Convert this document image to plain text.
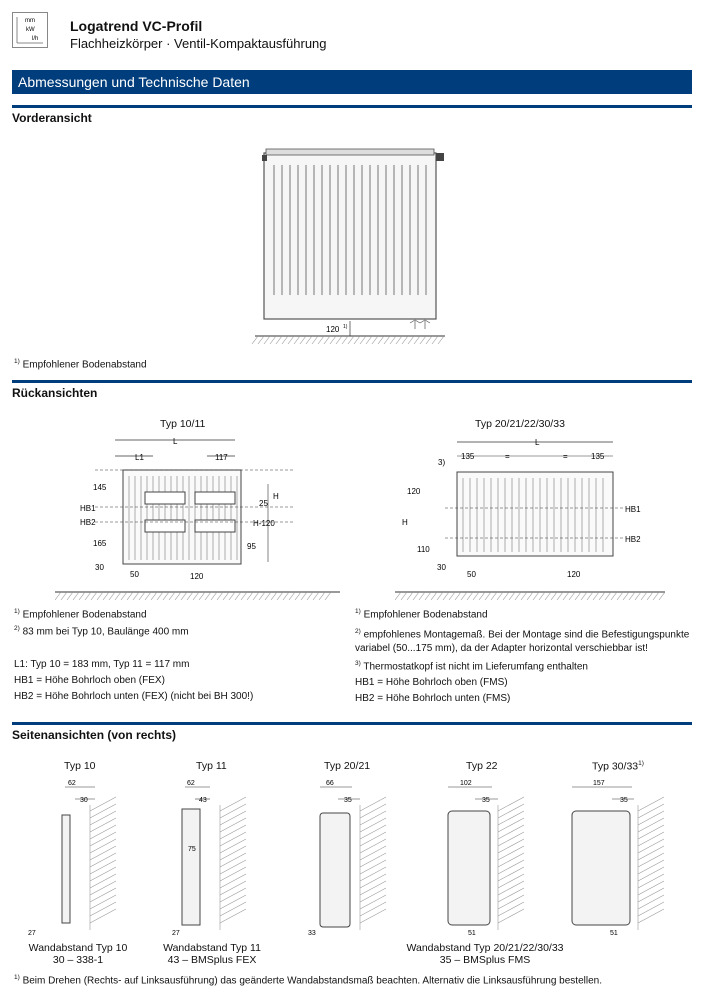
mm
kW
l/h
Logatrend VC-Profil
Flachheizkörper · Ventil-Kompaktausführung
Abmessungen und Technische Daten
Vorderansicht
120 1)
$^{1)}$ Empfohlener Bodenabstand
Rückansichten
Typ 10/11	Typ 20/21/22/30/33
L
L1	117
145
HB1
HB2
165
25
H
H-120
95
30
50	120
L
135	=	=	135
3)
120
H
110
HB1
HB2
30
50	120
$^{1)}$ Empfohlener Bodenabstand
$^{2)}$ 83 mm bei Typ 10, Baulänge 400 mm
L1: Typ 10 = 183 mm, Typ 11 = 117 mm
HB1 = Höhe Bohrloch oben (FEX)
HB2 = Höhe Bohrloch unten (FEX) (nicht bei BH 300!)
$^{1)}$ Empfohlener Bodenabstand
$^{2)}$ empfohlenes Montagemaß. Bei der Montage sind die Befestigungspunkte variabel (50...175 mm), da der Adapter horizontal verschiebbar ist!
$^{3)}$ Thermostatkopf ist nicht im Lieferumfang enthalten
HB1 = Höhe Bohrloch oben (FMS)
HB2 = Höhe Bohrloch unten (FMS)
Seitenansichten (von rechts)
Typ 10	Typ 11	Typ 20/21	Typ 22	Typ 30/33$^{1)}$
62
30
27
62
43
75
27
66
35
33
102
35
51
157
35
51
Wandabstand Typ 10
30 – 338-1
Wandabstand Typ 11
43 – BMSplus FEX
Wandabstand Typ 20/21/22/30/33
35 – BMSplus FMS
$^{1)}$ Beim Drehen (Rechts- auf Linksausführung) das geänderte Wandabstandsmaß beachten. Alternativ die Linksausführung bestellen.
